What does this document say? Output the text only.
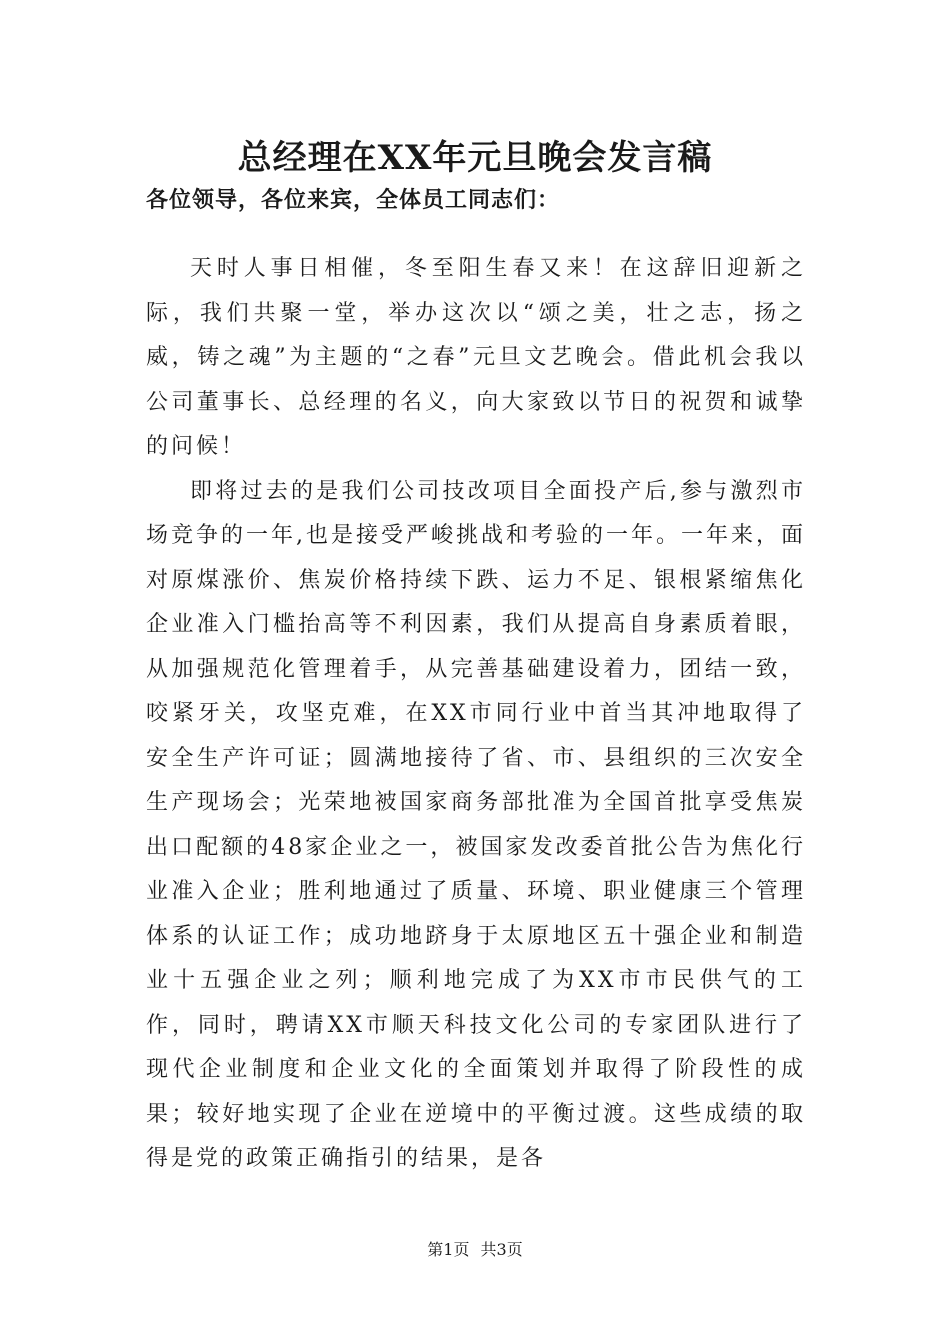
总经理在XX年元旦晚会发言稿

各位领导，各位来宾，全体员工同志们：

天时人事日相催，冬至阳生春又来！在这辞旧迎新之际，我们共聚一堂，举办这次以“颂之美，壮之志，扬之威，铸之魂”为主题的“之春”元旦文艺晚会。借此机会我以公司董事长、总经理的名义，向大家致以节日的祝贺和诚挚的问候！

即将过去的是我们公司技改项目全面投产后,参与激烈市场竞争的一年,也是接受严峻挑战和考验的一年。一年来，面对原煤涨价、焦炭价格持续下跌、运力不足、银根紧缩焦化企业准入门槛抬高等不利因素，我们从提高自身素质着眼，从加强规范化管理着手，从完善基础建设着力，团结一致，咬紧牙关，攻坚克难，在XX市同行业中首当其冲地取得了安全生产许可证；圆满地接待了省、市、县组织的三次安全生产现场会；光荣地被国家商务部批准为全国首批享受焦炭出口配额的48家企业之一，被国家发改委首批公告为焦化行业准入企业；胜利地通过了质量、环境、职业健康三个管理体系的认证工作；成功地跻身于太原地区五十强企业和制造业十五强企业之列；顺利地完成了为XX市市民供气的工作，同时，聘请XX市顺天科技文化公司的专家团队进行了现代企业制度和企业文化的全面策划并取得了阶段性的成果；较好地实现了企业在逆境中的平衡过渡。这些成绩的取得是党的政策正确指引的结果，是各

第1页 共3页
